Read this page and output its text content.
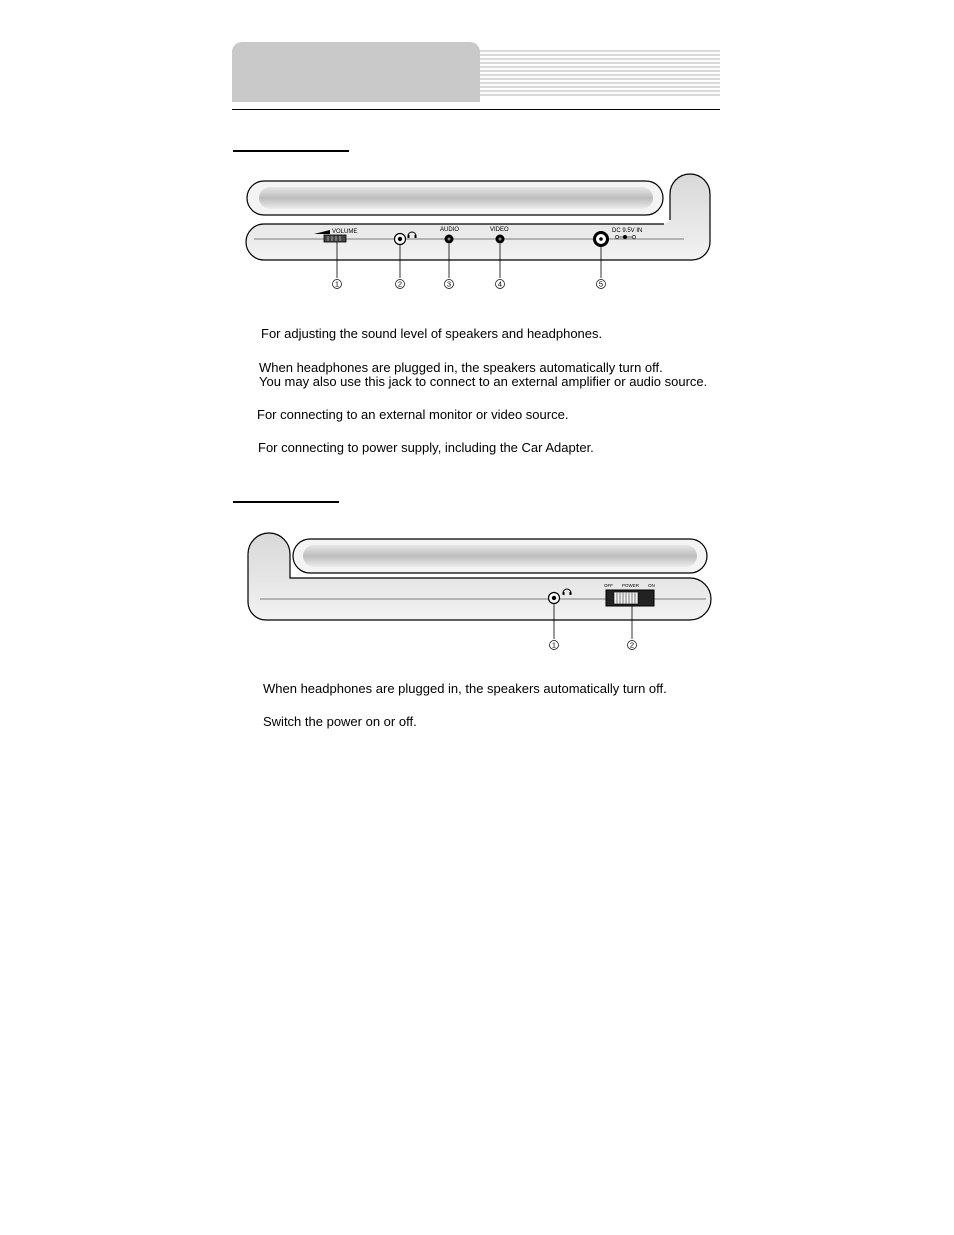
VOLUME	AUDIO	VIDEO	DC 9.5V IN
1	2	3	4	5
For adjusting the sound level of speakers and headphones.
When headphones are plugged in, the speakers automatically turn off.
You may also use this jack to connect to an external amplifier or audio source.
For connecting to an external monitor or video source.
For connecting to power supply, including the Car Adapter.
OFF POWER ON
1	2
When headphones are plugged in, the speakers automatically turn off.
Switch the power on or off.
